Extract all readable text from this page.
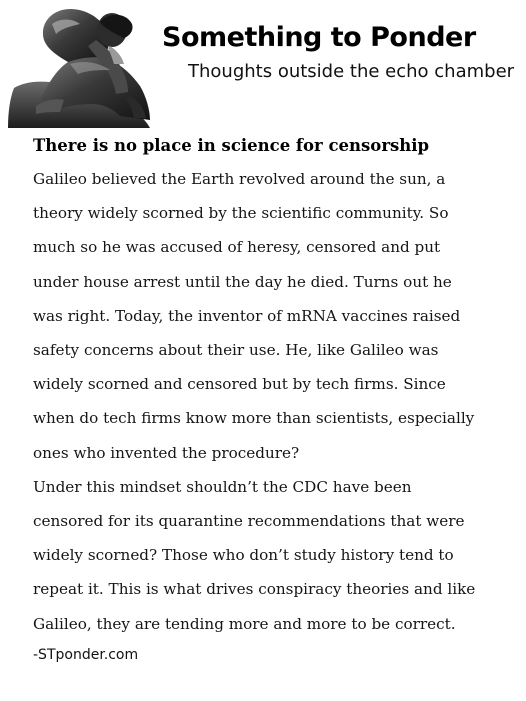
Something to Ponder
Thoughts outside the echo chamber
There is no place in science for censorship
Galileo believed the Earth revolved around the sun, a
theory widely scorned by the scientific community. So
much so he was accused of heresy, censored and put
under house arrest until the day he died. Turns out he
was right. Today, the inventor of mRNA vaccines raised
safety concerns about their use. He, like Galileo was
widely scorned and censored but by tech firms. Since
when do tech firms know more than scientists, especially
ones who invented the procedure?
Under this mindset shouldn’t the CDC have been
censored for its quarantine recommendations that were
widely scorned? Those who don’t study history tend to
repeat it. This is what drives conspiracy theories and like
Galileo, they are tending more and more to be correct.
-STponder.com
